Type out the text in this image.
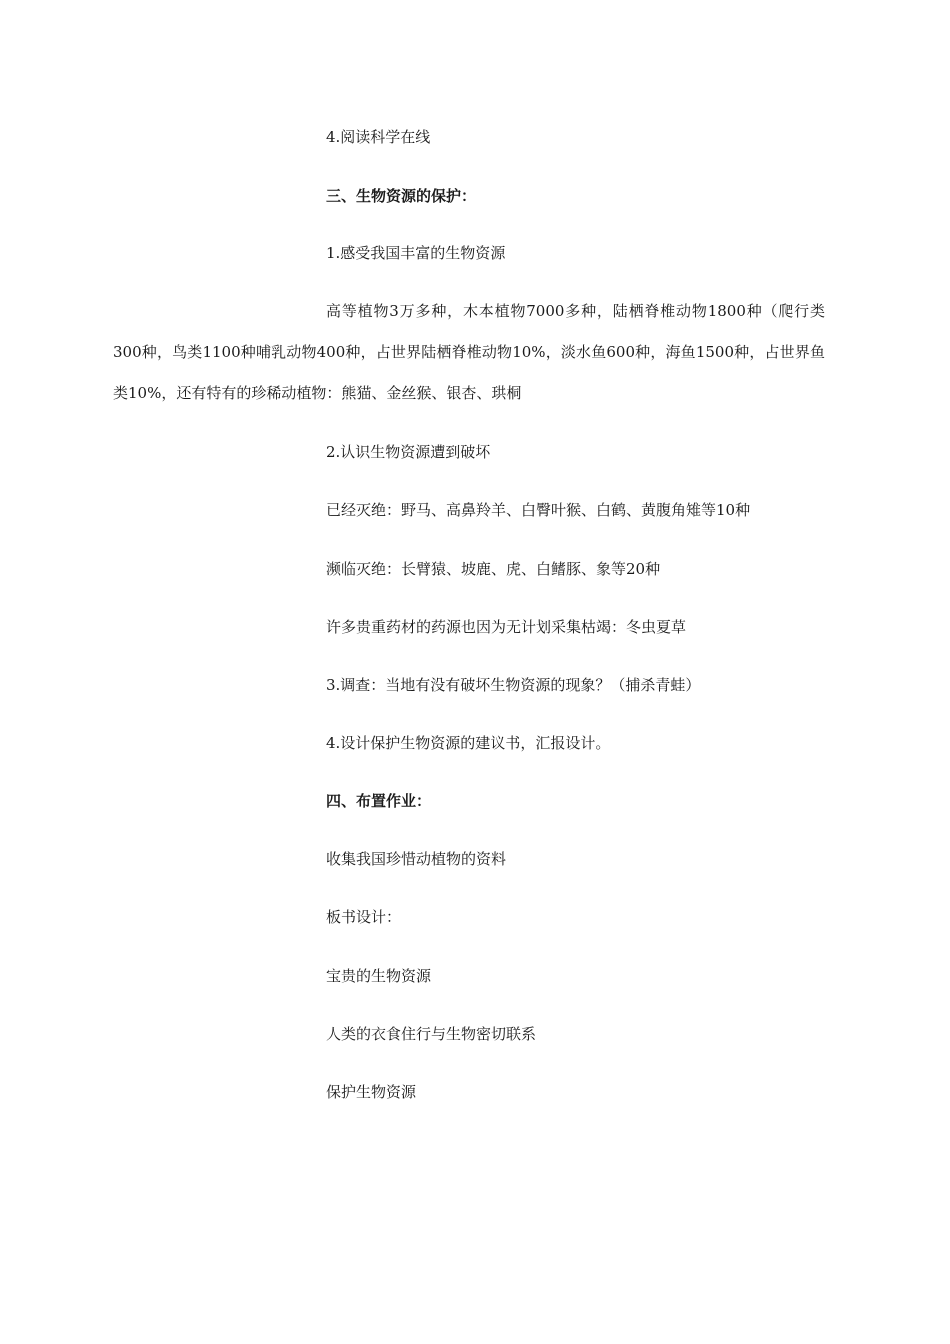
4.阅读科学在线
三、生物资源的保护：
1.感受我国丰富的生物资源
高等植物3万多种，木本植物7000多种，陆栖脊椎动物1800种（爬行类300种，鸟类1100种哺乳动物400种，占世界陆栖脊椎动物10%，淡水鱼600种，海鱼1500种，占世界鱼类10%，还有特有的珍稀动植物：熊猫、金丝猴、银杏、珙桐
2.认识生物资源遭到破坏
已经灭绝：野马、高鼻羚羊、白臀叶猴、白鹤、黄腹角雉等10种
濒临灭绝：长臂猿、坡鹿、虎、白鳍豚、象等20种
许多贵重药材的药源也因为无计划采集枯竭：冬虫夏草
3.调查：当地有没有破坏生物资源的现象？（捕杀青蛙）
4.设计保护生物资源的建议书，汇报设计。
四、布置作业：
收集我国珍惜动植物的资料
板书设计：
宝贵的生物资源
人类的衣食住行与生物密切联系
保护生物资源
